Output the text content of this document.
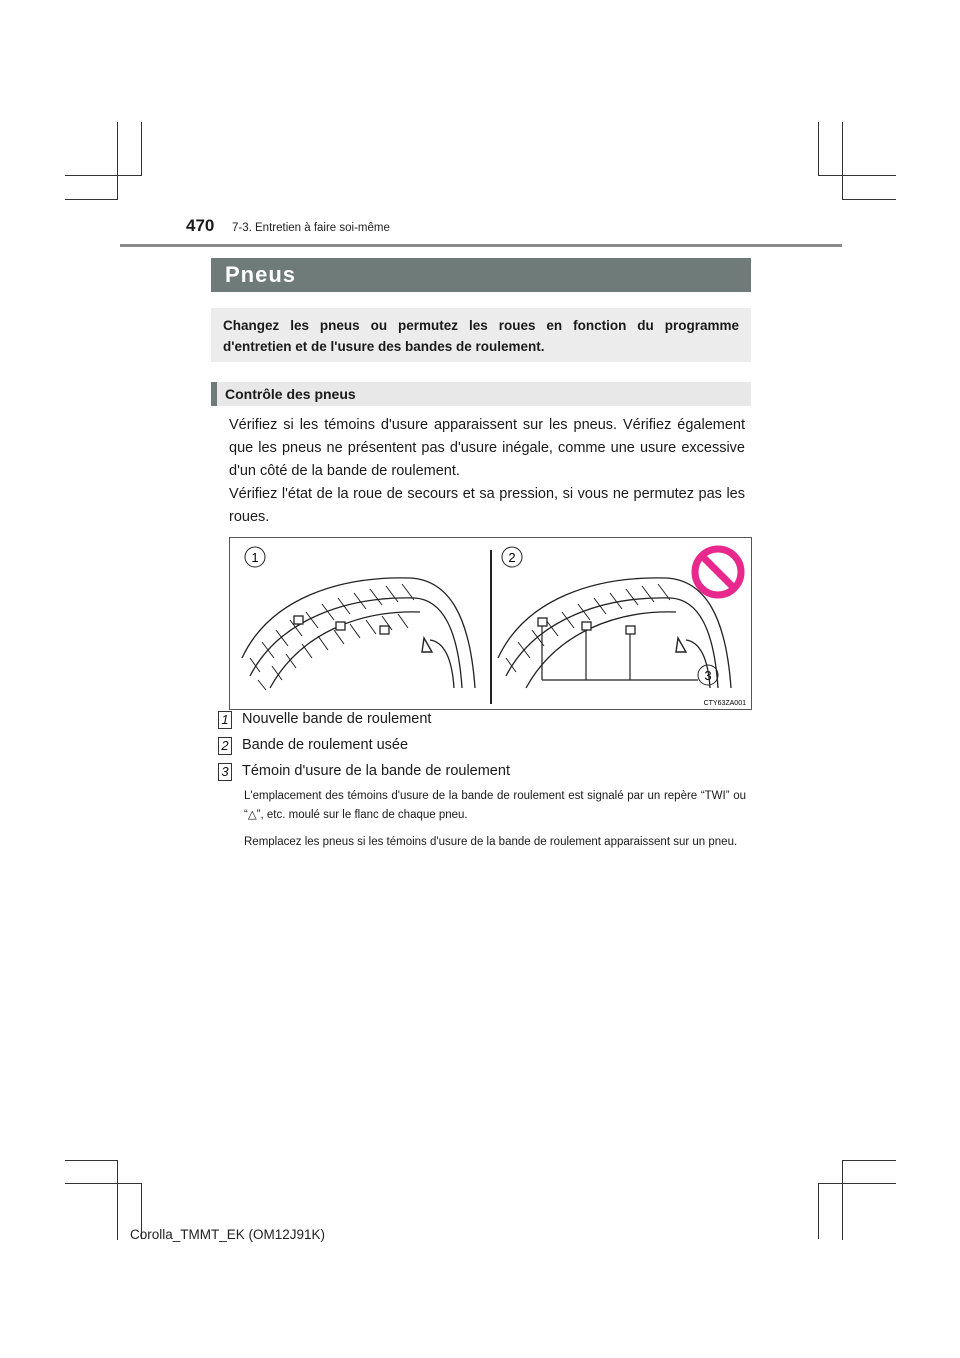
470 7-3. Entretien à faire soi-même
Pneus
Changez les pneus ou permutez les roues en fonction du programme d'entretien et de l'usure des bandes de roulement.
Contrôle des pneus
Vérifiez si les témoins d'usure apparaissent sur les pneus. Vérifiez également que les pneus ne présentent pas d'usure inégale, comme une usure excessive d'un côté de la bande de roulement.
Vérifiez l'état de la roue de secours et sa pression, si vous ne permutez pas les roues.
1	2
3
CTY63ZA001
1 Nouvelle bande de roulement
2 Bande de roulement usée
3 Témoin d'usure de la bande de roulement
L'emplacement des témoins d'usure de la bande de roulement est signalé par un repère “TWI” ou “△”, etc. moulé sur le flanc de chaque pneu.
Remplacez les pneus si les témoins d'usure de la bande de roulement apparaissent sur un pneu.
Corolla_TMMT_EK (OM12J91K)
